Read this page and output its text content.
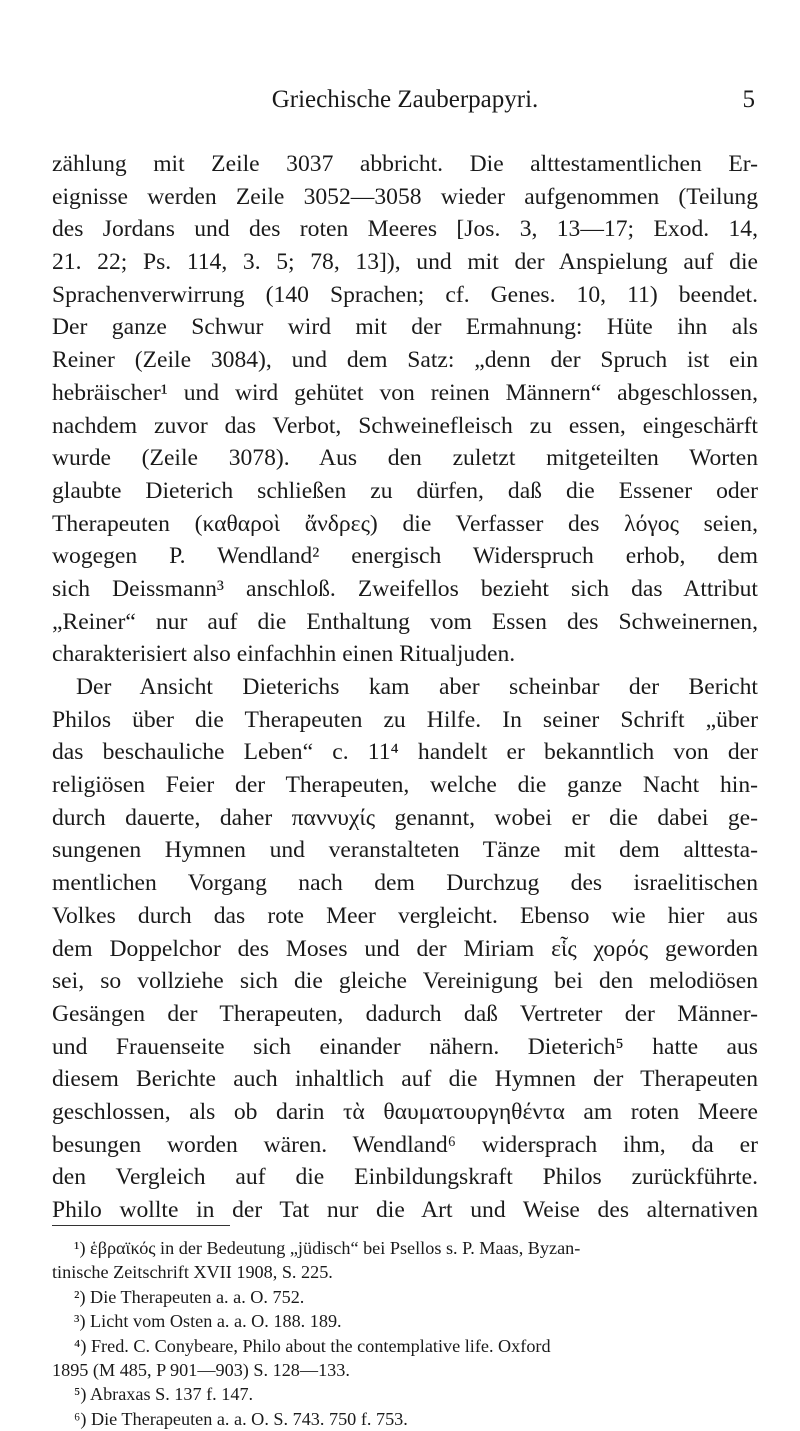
Griechische Zauberpapyri.	5
zählung mit Zeile 3037 abbricht. Die alttestamentlichen Er-
eignisse werden Zeile 3052—3058 wieder aufgenommen (Teilung
des Jordans und des roten Meeres [Jos. 3, 13—17; Exod. 14,
21. 22; Ps. 114, 3. 5; 78, 13]), und mit der Anspielung auf die
Sprachenverwirrung (140 Sprachen; cf. Genes. 10, 11) beendet.
Der ganze Schwur wird mit der Ermahnung: Hüte ihn als
Reiner (Zeile 3084), und dem Satz: „denn der Spruch ist ein
hebräischer¹ und wird gehütet von reinen Männern“ abgeschlossen,
nachdem zuvor das Verbot, Schweinefleisch zu essen, eingeschärft
wurde (Zeile 3078). Aus den zuletzt mitgeteilten Worten
glaubte Dieterich schließen zu dürfen, daß die Essener oder
Therapeuten (καθαροὶ ἄνδρες) die Verfasser des λόγος seien,
wogegen P. Wendland² energisch Widerspruch erhob, dem
sich Deissmann³ anschloß. Zweifellos bezieht sich das Attribut
„Reiner“ nur auf die Enthaltung vom Essen des Schweinernen,
charakterisiert also einfachhin einen Ritualjuden.
Der Ansicht Dieterichs kam aber scheinbar der Bericht
Philos über die Therapeuten zu Hilfe. In seiner Schrift „über
das beschauliche Leben“ c. 11⁴ handelt er bekanntlich von der
religiösen Feier der Therapeuten, welche die ganze Nacht hin-
durch dauerte, daher παννυχίς genannt, wobei er die dabei ge-
sungenen Hymnen und veranstalteten Tänze mit dem alttesta-
mentlichen Vorgang nach dem Durchzug des israelitischen
Volkes durch das rote Meer vergleicht. Ebenso wie hier aus
dem Doppelchor des Moses und der Miriam εἷς χορός geworden
sei, so vollziehe sich die gleiche Vereinigung bei den melodiösen
Gesängen der Therapeuten, dadurch daß Vertreter der Männer-
und Frauenseite sich einander nähern. Dieterich⁵ hatte aus
diesem Berichte auch inhaltlich auf die Hymnen der Therapeuten
geschlossen, als ob darin τὰ θαυματουργηθέντα am roten Meere
besungen worden wären. Wendland⁶ widersprach ihm, da er
den Vergleich auf die Einbildungskraft Philos zurückführte.
Philo wollte in der Tat nur die Art und Weise des alternativen
¹) ἑβραϊκός in der Bedeutung „jüdisch“ bei Psellos s. P. Maas, Byzan-
tinische Zeitschrift XVII 1908, S. 225.
²) Die Therapeuten a. a. O. 752.
³) Licht vom Osten a. a. O. 188. 189.
⁴) Fred. C. Conybeare, Philo about the contemplative life. Oxford
1895 (M 485, P 901—903) S. 128—133.
⁵) Abraxas S. 137 f. 147.
⁶) Die Therapeuten a. a. O. S. 743. 750 f. 753.
